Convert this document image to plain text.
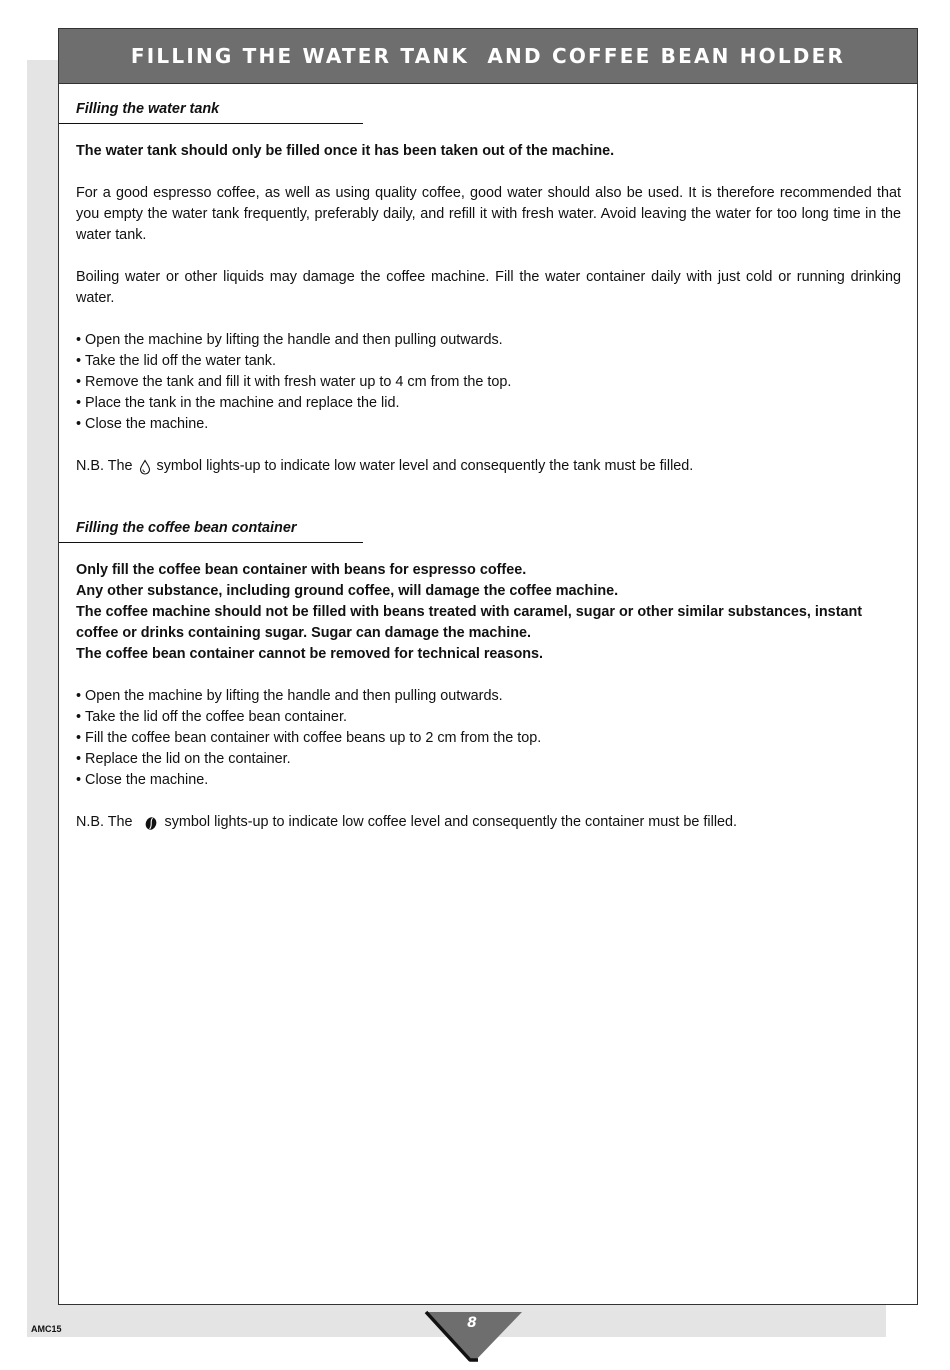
FILLING THE WATER TANK  AND COFFEE BEAN HOLDER
Filling the water tank

The water tank should only be filled once it has been taken out of the machine.

For a good espresso coffee, as well as using quality coffee, good water should also be used. It is therefore recommended that you empty the water tank frequently, preferably daily, and refill it with fresh water. Avoid leaving the water for too long time in the water tank.

Boiling water or other liquids may damage the coffee machine. Fill the water container daily with just cold or running drinking water.

• Open the machine by lifting the handle and then pulling outwards.
• Take the lid off the water tank.
• Remove the tank and fill it with fresh water up to 4 cm from the top.
• Place the tank in the machine and replace the lid.
• Close the machine.
N.B. The symbol lights-up to indicate low water level and consequently the tank must be filled.
Filling the coffee bean container

Only fill the coffee bean container with beans for espresso coffee.

Any other substance, including ground coffee, will damage the coffee machine.

The coffee machine should not be filled with beans treated with caramel, sugar or other similar substances, instant coffee or drinks containing sugar. Sugar can damage the machine.

The coffee bean container cannot be removed for technical reasons.

• Open the machine by lifting the handle and then pulling outwards.
• Take the lid off the coffee bean container.
• Fill the coffee bean container with coffee beans up to 2 cm from the top.
• Replace the lid on the container.
• Close the machine.
N.B. The symbol lights-up to indicate low coffee level and consequently the container must be filled.
AMC15	8
